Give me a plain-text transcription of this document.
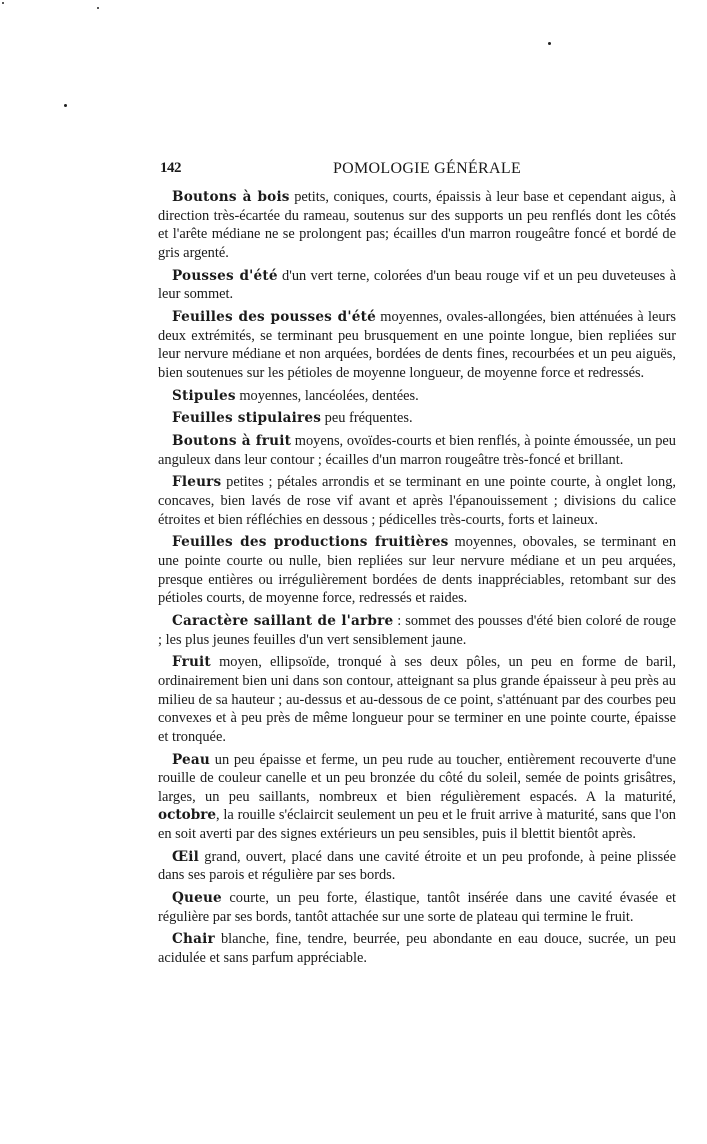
142	POMOLOGIE GÉNÉRALE

Boutons à bois petits, coniques, courts, épaissis à leur base et cependant aigus, à direction très-écartée du rameau, soutenus sur des supports un peu renflés dont les côtés et l'arête médiane ne se prolongent pas; écailles d'un marron rougeâtre foncé et bordé de gris argenté.

Pousses d'été d'un vert terne, colorées d'un beau rouge vif et un peu duveteuses à leur sommet.

Feuilles des pousses d'été moyennes, ovales-allongées, bien atténuées à leurs deux extrémités, se terminant peu brusquement en une pointe longue, bien repliées sur leur nervure médiane et non arquées, bordées de dents fines, recourbées et un peu aiguës, bien soutenues sur les pétioles de moyenne longueur, de moyenne force et redressés.

Stipules moyennes, lancéolées, dentées.

Feuilles stipulaires peu fréquentes.

Boutons à fruit moyens, ovoïdes-courts et bien renflés, à pointe émoussée, un peu anguleux dans leur contour ; écailles d'un marron rougeâtre très-foncé et brillant.

Fleurs petites ; pétales arrondis et se terminant en une pointe courte, à onglet long, concaves, bien lavés de rose vif avant et après l'épanouissement ; divisions du calice étroites et bien réfléchies en dessous ; pédicelles très-courts, forts et laineux.

Feuilles des productions fruitières moyennes, obovales, se terminant en une pointe courte ou nulle, bien repliées sur leur nervure médiane et un peu arquées, presque entières ou irrégulièrement bordées de dents inappréciables, retombant sur des pétioles courts, de moyenne force, redressés et raides.

Caractère saillant de l'arbre : sommet des pousses d'été bien coloré de rouge ; les plus jeunes feuilles d'un vert sensiblement jaune.

Fruit moyen, ellipsoïde, tronqué à ses deux pôles, un peu en forme de baril, ordinairement bien uni dans son contour, atteignant sa plus grande épaisseur à peu près au milieu de sa hauteur ; au-dessus et au-dessous de ce point, s'atténuant par des courbes peu convexes et à peu près de même longueur pour se terminer en une pointe courte, épaisse et tronquée.

Peau un peu épaisse et ferme, un peu rude au toucher, entièrement recouverte d'une rouille de couleur canelle et un peu bronzée du côté du soleil, semée de points grisâtres, larges, un peu saillants, nombreux et bien régulièrement espacés. A la maturité, octobre, la rouille s'éclaircit seulement un peu et le fruit arrive à maturité, sans que l'on en soit averti par des signes extérieurs un peu sensibles, puis il blettit bientôt après.

Œil grand, ouvert, placé dans une cavité étroite et un peu profonde, à peine plissée dans ses parois et régulière par ses bords.

Queue courte, un peu forte, élastique, tantôt insérée dans une cavité évasée et régulière par ses bords, tantôt attachée sur une sorte de plateau qui termine le fruit.

Chair blanche, fine, tendre, beurrée, peu abondante en eau douce, sucrée, un peu acidulée et sans parfum appréciable.
